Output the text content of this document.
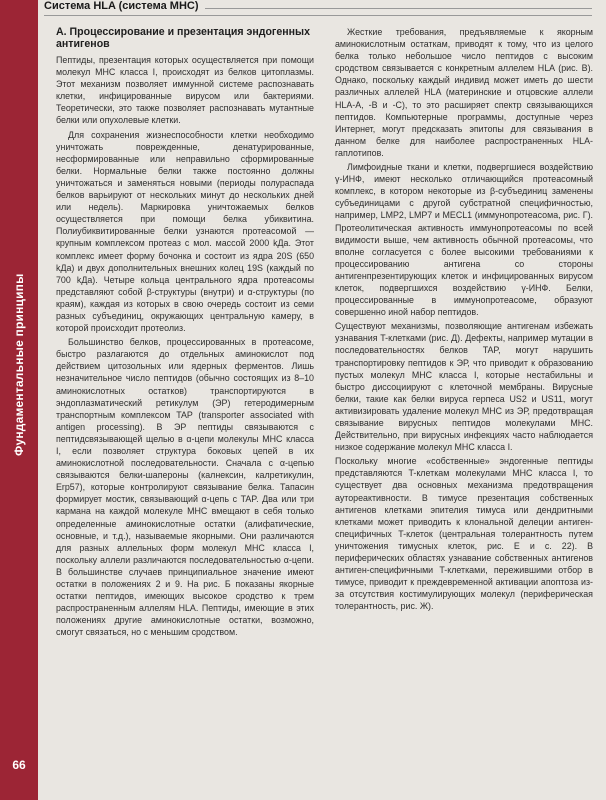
Система HLA (система MHC)
Фундаментальные принципы
66
A. Процессирование и презентация эндогенных антигенов

Пептиды, презентация которых осуществляется при помощи молекул MHC класса I, происходят из белков цитоплазмы. Этот механизм позволяет иммунной системе распознавать клетки, инфицированные вирусом или бактериями. Теоретически, это также позволяет распознавать мутантные белки или опухолевые клетки.

Для сохранения жизнеспособности клетки необходимо уничтожать поврежденные, денатурированные, несформированные или неправильно сформированные белки. Нормальные белки также постоянно должны уничтожаться и заменяться новыми (периоды полураспада белков варьируют от нескольких минут до нескольких дней или недель). Маркировка уничтожаемых белков осуществляется при помощи белка убиквитина. Полиубиквитированные белки узнаются протеасомой — крупным комплексом протеаз с мол. массой 2000 kДа. Этот комплекс имеет форму бочонка и состоит из ядра 20S (650 kДа) и двух дополнительных внешних колец 19S (каждый по 700 kДа). Четыре кольца центрального ядра протеасомы представляют собой β-структуры (внутри) и α-структуры (по краям), каждая из которых в свою очередь состоит из семи разных субъединиц, окружающих центральную камеру, в которой происходит протеолиз.

Большинство белков, процессированных в протеасоме, быстро разлагаются до отдельных аминокислот под действием цитозольных или ядерных ферментов. Лишь незначительное число пептидов (обычно состоящих из 8–10 аминокислотных остатков) транспортируются в эндоплазматический ретикулум (ЭР) гетеродимерным транспортным комплексом TAP (transporter associated with antigen processing). В ЭР пептиды связываются с пептидсвязывающей щелью в α-цепи молекулы MHC класса I, если позволяет структура боковых цепей в их аминокислотной последовательности. Сначала с α-цепью связываются белки-шапероны (калнексин, калретикулин, Erp57), которые контролируют связывание белка. Тапасин формирует мостик, связывающий α-цепь с TAP. Два или три кармана на каждой молекуле MHC вмещают в себя только определенные аминокислотные остатки (алифатические, основные, и т.д.), называемые якорными. Они различаются для разных аллельных форм молекул MHC класса I, поскольку аллели различаются последовательностью α-цепи. В большинстве случаев принципиальное значение имеют остатки в положениях 2 и 9. На рис. Б показаны якорные остатки пептидов, имеющих высокое сродство к трем распространенным аллелям HLA. Пептиды, имеющие в этих положениях другие аминокислотные остатки, возможно, смогут связаться, но с меньшим сродством.

Жесткие требования, предъявляемые к якорным аминокислотным остаткам, приводят к тому, что из целого белка только небольшое число пептидов с высоким сродством связывается с конкретным аллелем HLA (рис. В). Однако, поскольку каждый индивид может иметь до шести различных аллелей HLA (материнские и отцовские аллели HLA-A, -B и -C), то это расширяет спектр связывающихся пептидов. Компьютерные программы, доступные через Интернет, могут предсказать эпитопы для связывания в данном белке для наиболее распространенных HLA-гаплотипов.

Лимфоидные ткани и клетки, подвергшиеся воздействию γ-ИНФ, имеют несколько отличающийся протеасомный комплекс, в котором некоторые из β-субъединиц заменены субъединицами с другой субстратной специфичностью, например, LMP2, LMP7 и MECL1 (иммунопротеасома, рис. Г). Протеолитическая активность иммунопротеасомы по всей видимости выше, чем активность обычной протеасомы, что вполне согласуется с более высокими требованиями к процессированию антигена со стороны антигенпрезентирующих клеток и инфицированных вирусом клеток, подвергшихся воздействию γ-ИНФ. Белки, процессированные в иммунопротеасоме, образуют совершенно иной набор пептидов.

Существуют механизмы, позволяющие антигенам избежать узнавания T-клетками (рис. Д). Дефекты, например мутации в последовательностях белков TAP, могут нарушить транспортировку пептидов к ЭР, что приводит к образованию пустых молекул MHC класса I, которые нестабильны и быстро диссоциируют с клеточной мембраны. Вирусные белки, такие как белки вируса герпеса US2 и US11, могут активизировать удаление молекул MHC из ЭР, предотвращая связывание вирусных пептидов молекулами MHC. Действительно, при вирусных инфекциях часто наблюдается низкое содержание молекул MHC класса I.

Поскольку многие «собственные» эндогенные пептиды представляются T-клеткам молекулами MHC класса I, то существует два основных механизма предотвращения аутореактивности. В тимусе презентация собственных антигенов клетками эпителия тимуса или дендритными клетками может приводить к клональной делеции антиген-специфичных T-клеток (центральная толерантность путем уничтожения тимусных клеток, рис. Е и с. 22). В периферических областях узнавание собственных антигенов антиген-специфичными T-клетками, пережившими отбор в тимусе, приводит к преждевременной активации апоптоза из-за отсутствия костимулирующих молекул (периферическая толерантность, рис. Ж).
